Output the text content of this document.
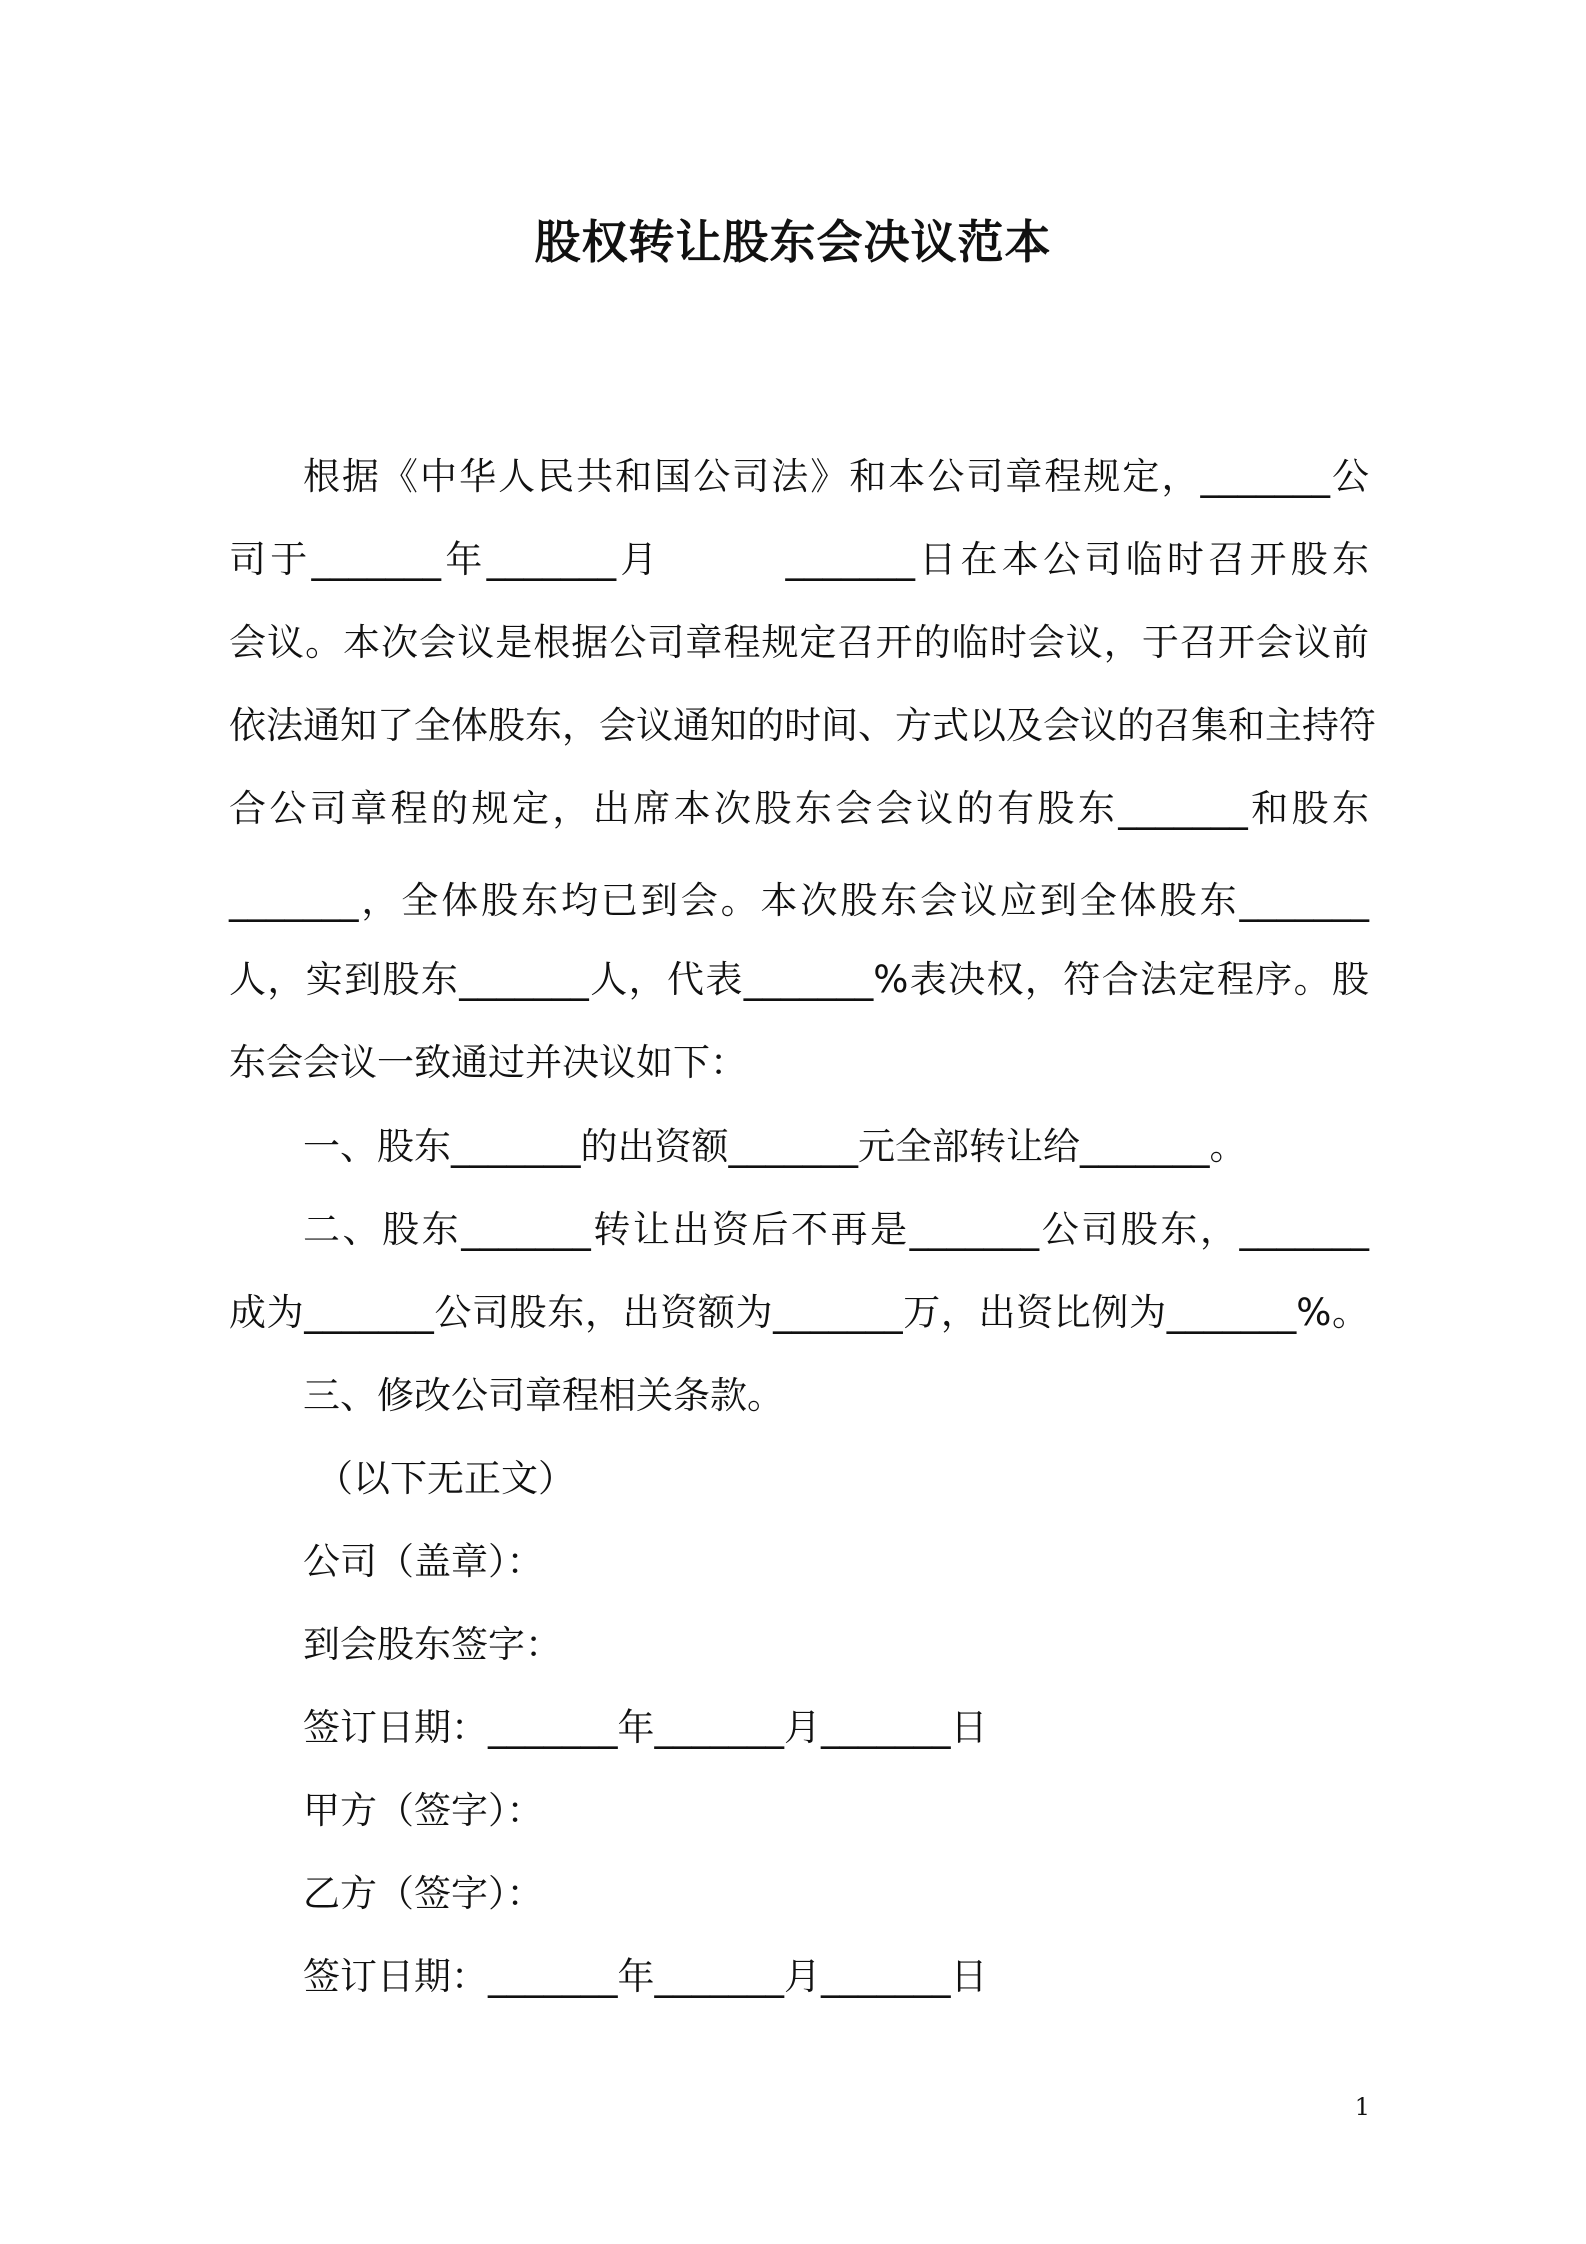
股权转让股东会决议范本
根据《中华人民共和国公司法》和本公司章程规定，_______公
司于_______年_______月　　　_______日在本公司临时召开股东
会议。本次会议是根据公司章程规定召开的临时会议，于召开会议前
依法通知了全体股东，会议通知的时间、方式以及会议的召集和主持符
合公司章程的规定，出席本次股东会会议的有股东_______和股东
_______，全体股东均已到会。本次股东会议应到全体股东_______
人，实到股东_______人，代表_______%表决权，符合法定程序。股
东会会议一致通过并决议如下：
一、股东_______的出资额_______元全部转让给_______。
二、股东_______转让出资后不再是_______公司股东，_______
成为_______公司股东，出资额为_______万，出资比例为_______%。
三、修改公司章程相关条款。
（以下无正文）
公司（盖章）：
到会股东签字：
签订日期：_______年_______月_______日
甲方（签字）：
乙方（签字）：
签订日期：_______年_______月_______日
1
